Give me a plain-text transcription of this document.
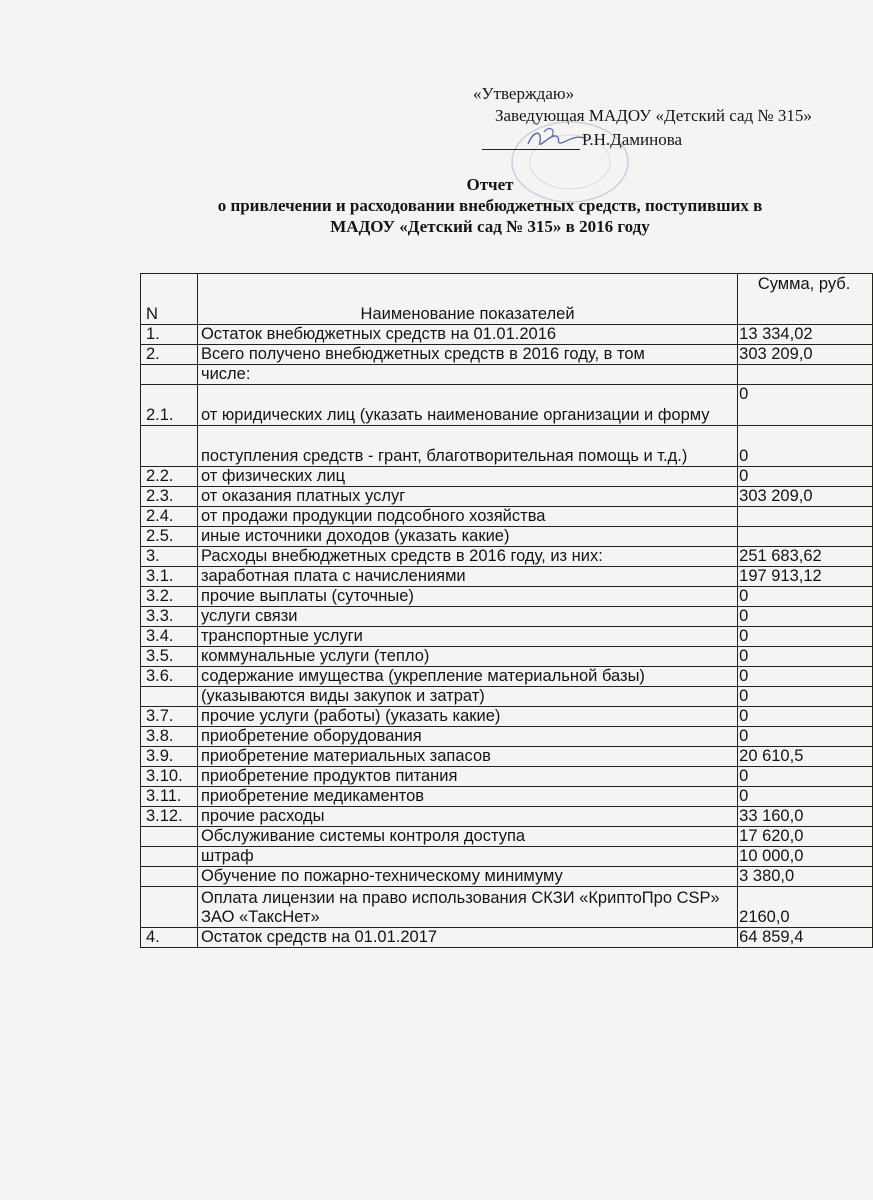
«Утверждаю»
Заведующая МАДОУ «Детский сад № 315»
Р.Н.Даминова
Отчет
о привлечении и расходовании внебюджетных средств, поступивших в
МАДОУ «Детский сад № 315» в 2016 году
N	Наименование показателей	Сумма, руб.
1.	Остаток внебюджетных средств на 01.01.2016	13 334,02
2.	Всего получено внебюджетных средств в 2016 году, в том	303 209,0
	числе:	
2.1.	от юридических лиц (указать наименование организации и форму	0
	поступления средств - грант, благотворительная помощь и т.д.)	0
2.2.	от физических лиц	0
2.3.	от оказания платных услуг	303 209,0
2.4.	от продажи продукции подсобного хозяйства	
2.5.	иные источники доходов (указать какие)	
3.	Расходы внебюджетных средств в 2016 году, из них:	251 683,62
3.1.	заработная плата с начислениями	197 913,12
3.2.	прочие выплаты (суточные)	0
3.3.	услуги связи	0
3.4.	транспортные услуги	0
3.5.	коммунальные услуги (тепло)	0
3.6.	содержание имущества (укрепление материальной базы)	0
	(указываются виды закупок и затрат)	0
3.7.	прочие услуги (работы) (указать какие)	0
3.8.	приобретение оборудования	0
3.9.	приобретение материальных запасов	20 610,5
3.10.	приобретение продуктов питания	0
3.11.	приобретение медикаментов	0
3.12.	прочие расходы	33 160,0
	Обслуживание системы контроля доступа	17 620,0
	штраф	10 000,0
	Обучение по пожарно-техническому минимуму	3 380,0
	Оплата лицензии на право использования СКЗИ «КриптоПро CSP» ЗАО «ТаксНет»	2160,0
4.	Остаток средств на 01.01.2017	64 859,4
